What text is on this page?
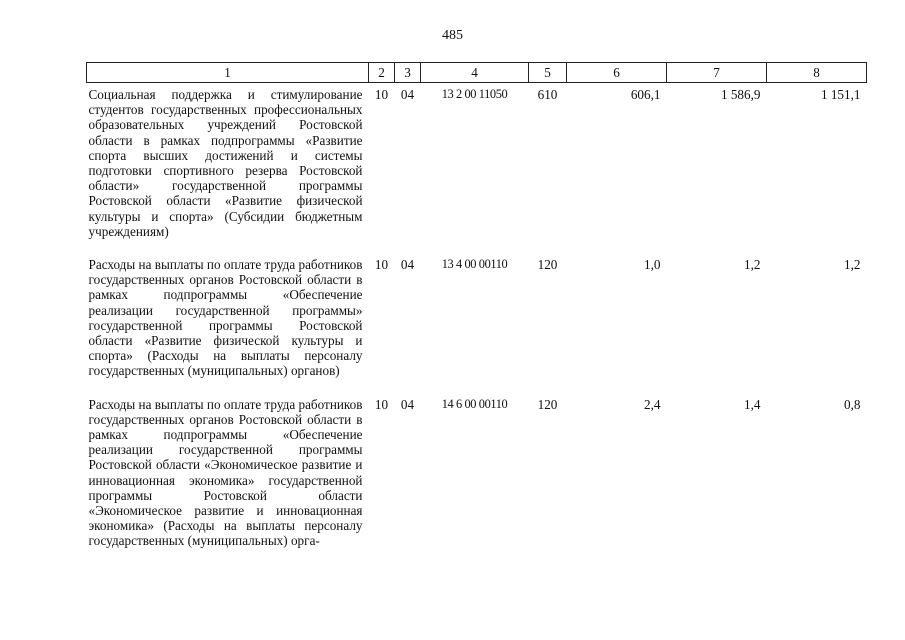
485
1	2	3	4	5	6	7	8
Социальная поддержка и стимулирование студентов государственных профессиональных образовательных учреждений Ростовской области в рамках подпрограммы «Развитие спорта высших достижений и системы подготовки спортивного резерва Ростовской области» государственной программы Ростовской области «Развитие физической культуры и спорта» (Субсидии бюджетным учреждениям)	10	04	13 2 00 11050	610	606,1	1 586,9	1 151,1
Расходы на выплаты по оплате труда работников государственных органов Ростовской области в рамках подпрограммы «Обеспечение реализации государственной программы» государственной программы Ростовской области «Развитие физической культуры и спорта» (Расходы на выплаты персоналу государственных (муниципальных) органов)	10	04	13 4 00 00110	120	1,0	1,2	1,2
Расходы на выплаты по оплате труда работников государственных органов Ростовской области в рамках подпрограммы «Обеспечение реализации государственной программы Ростовской области «Экономическое развитие и инновационная экономика» государственной программы Ростовской области «Экономическое развитие и инновационная экономика» (Расходы на выплаты персоналу государственных (муниципальных) орга-	10	04	14 6 00 00110	120	2,4	1,4	0,8
